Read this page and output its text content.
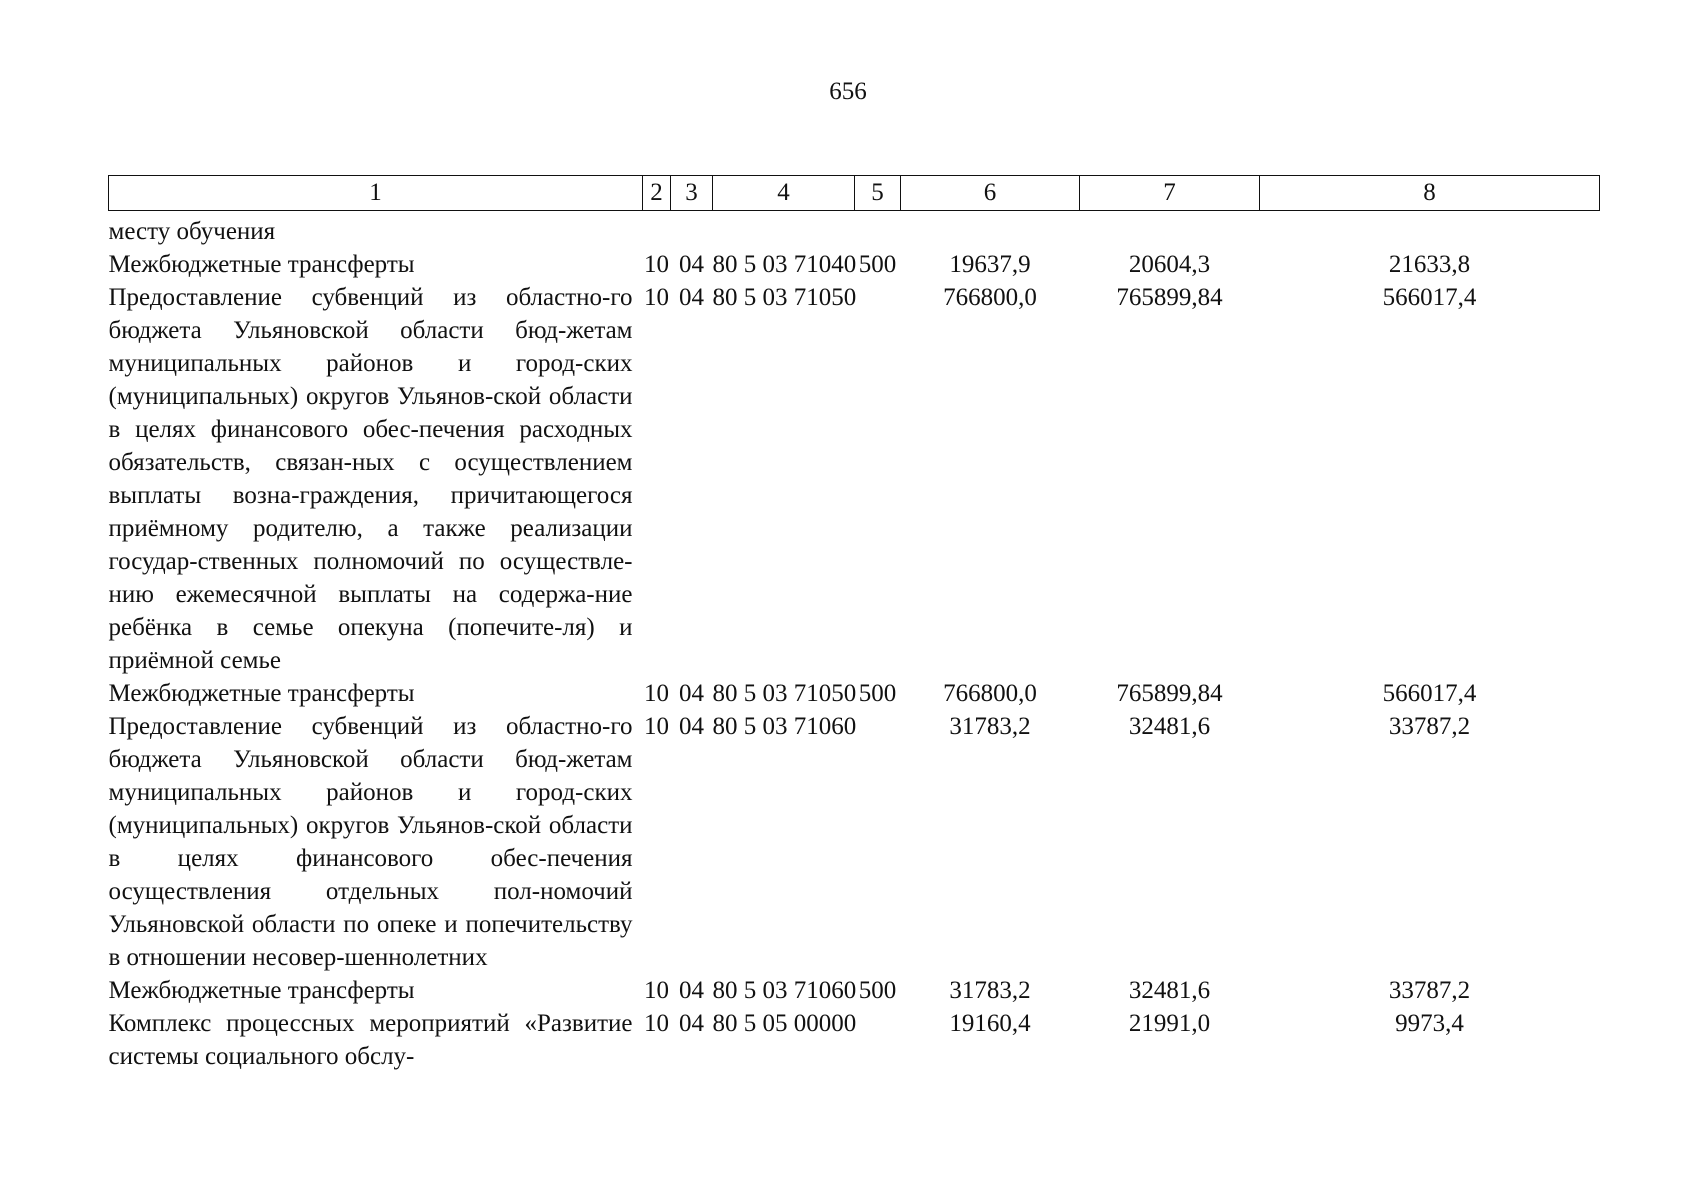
656
1	2	3	4	5	6	7	8
месту обучения							
Межбюджетные трансферты	10	04	80 5 03 71040	500	19637,9	20604,3	21633,8
Предоставление субвенций из областно-го бюджета Ульяновской области бюд-жетам муниципальных районов и город-ских (муниципальных) округов Ульянов-ской области в целях финансового обес-печения расходных обязательств, связан-ных с осуществлением выплаты возна-граждения, причитающегося приёмному родителю, а также реализации государ-ственных полномочий по осуществле-нию ежемесячной выплаты на содержа-ние ребёнка в семье опекуна (попечите-ля) и приёмной семье	10	04	80 5 03 71050		766800,0	765899,84	566017,4
Межбюджетные трансферты	10	04	80 5 03 71050	500	766800,0	765899,84	566017,4
Предоставление субвенций из областно-го бюджета Ульяновской области бюд-жетам муниципальных районов и город-ских (муниципальных) округов Ульянов-ской области в целях финансового обес-печения осуществления отдельных пол-номочий Ульяновской области по опеке и попечительству в отношении несовер-шеннолетних	10	04	80 5 03 71060		31783,2	32481,6	33787,2
Межбюджетные трансферты	10	04	80 5 03 71060	500	31783,2	32481,6	33787,2
Комплекс процессных мероприятий «Развитие системы социального обслу-	10	04	80 5 05 00000		19160,4	21991,0	9973,4
